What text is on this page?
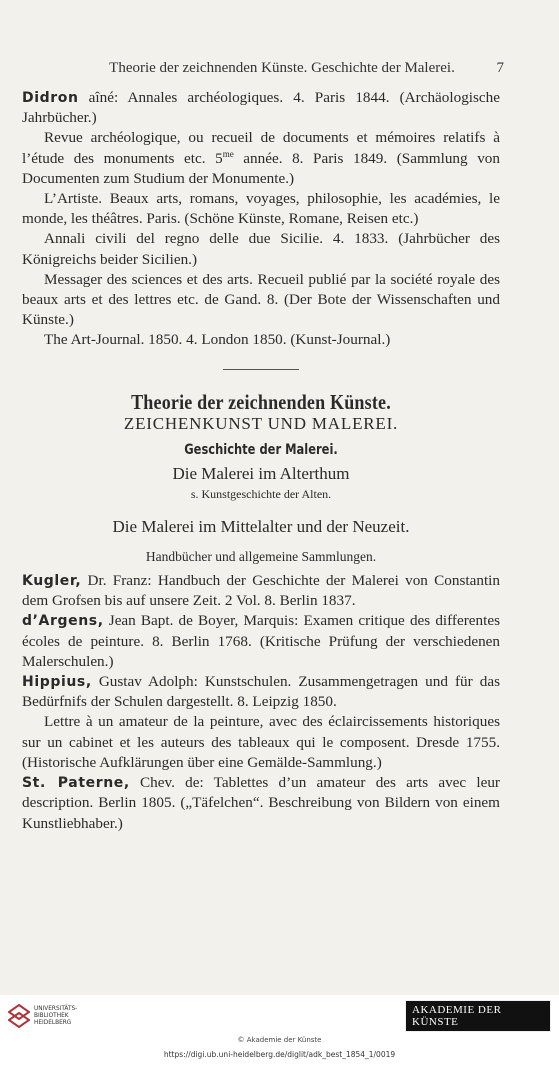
Theorie der zeichnenden Künste. Geschichte der Malerei.	7

Didron aîné: Annales archéologiques. 4. Paris 1844. (Archäologische Jahrbücher.)

Revue archéologique, ou recueil de documents et mémoires relatifs à l’étude des monuments etc. $5^{me}$ année. 8. Paris 1849. (Sammlung von Documenten zum Studium der Monumente.)

L’Artiste. Beaux arts, romans, voyages, philosophie, les académies, le monde, les théâtres. Paris. (Schöne Künste, Romane, Reisen etc.)

Annali civili del regno delle due Sicilie. 4. 1833. (Jahrbücher des Königreichs beider Sicilien.)

Messager des sciences et des arts. Recueil publié par la société royale des beaux arts et des lettres etc. de Gand. 8. (Der Bote der Wissenschaften und Künste.)

The Art-Journal. 1850. 4. London 1850. (Kunst-Journal.)

Theorie der zeichnenden Künste.
ZEICHENKUNST UND MALEREI.
Geschichte der Malerei.
Die Malerei im Alterthum
s. Kunstgeschichte der Alten.
Die Malerei im Mittelalter und der Neuzeit.
Handbücher und allgemeine Sammlungen.

Kugler, Dr. Franz: Handbuch der Geschichte der Malerei von Constantin dem Grofsen bis auf unsere Zeit. 2 Vol. 8. Berlin 1837.

d’Argens, Jean Bapt. de Boyer, Marquis: Examen critique des differentes écoles de peinture. 8. Berlin 1768. (Kritische Prüfung der verschiedenen Malerschulen.)

Hippius, Gustav Adolph: Kunstschulen. Zusammengetragen und für das Bedürfnifs der Schulen dargestellt. 8. Leipzig 1850.

Lettre à un amateur de la peinture, avec des éclaircissements historiques sur un cabinet et les auteurs des tableaux qui le composent. Dresde 1755. (Historische Aufklärungen über eine Gemälde-Sammlung.)

St. Paterne, Chev. de: Tablettes d’un amateur des arts avec leur description. Berlin 1805. („Täfelchen“. Beschreibung von Bildern von einem Kunstliebhaber.)

UNIVERSITÄTS-
BIBLIOTHEK
HEIDELBERG
AKADEMIE DER KÜNSTE
© Akademie der Künste
https://digi.ub.uni-heidelberg.de/diglit/adk_best_1854_1/0019
